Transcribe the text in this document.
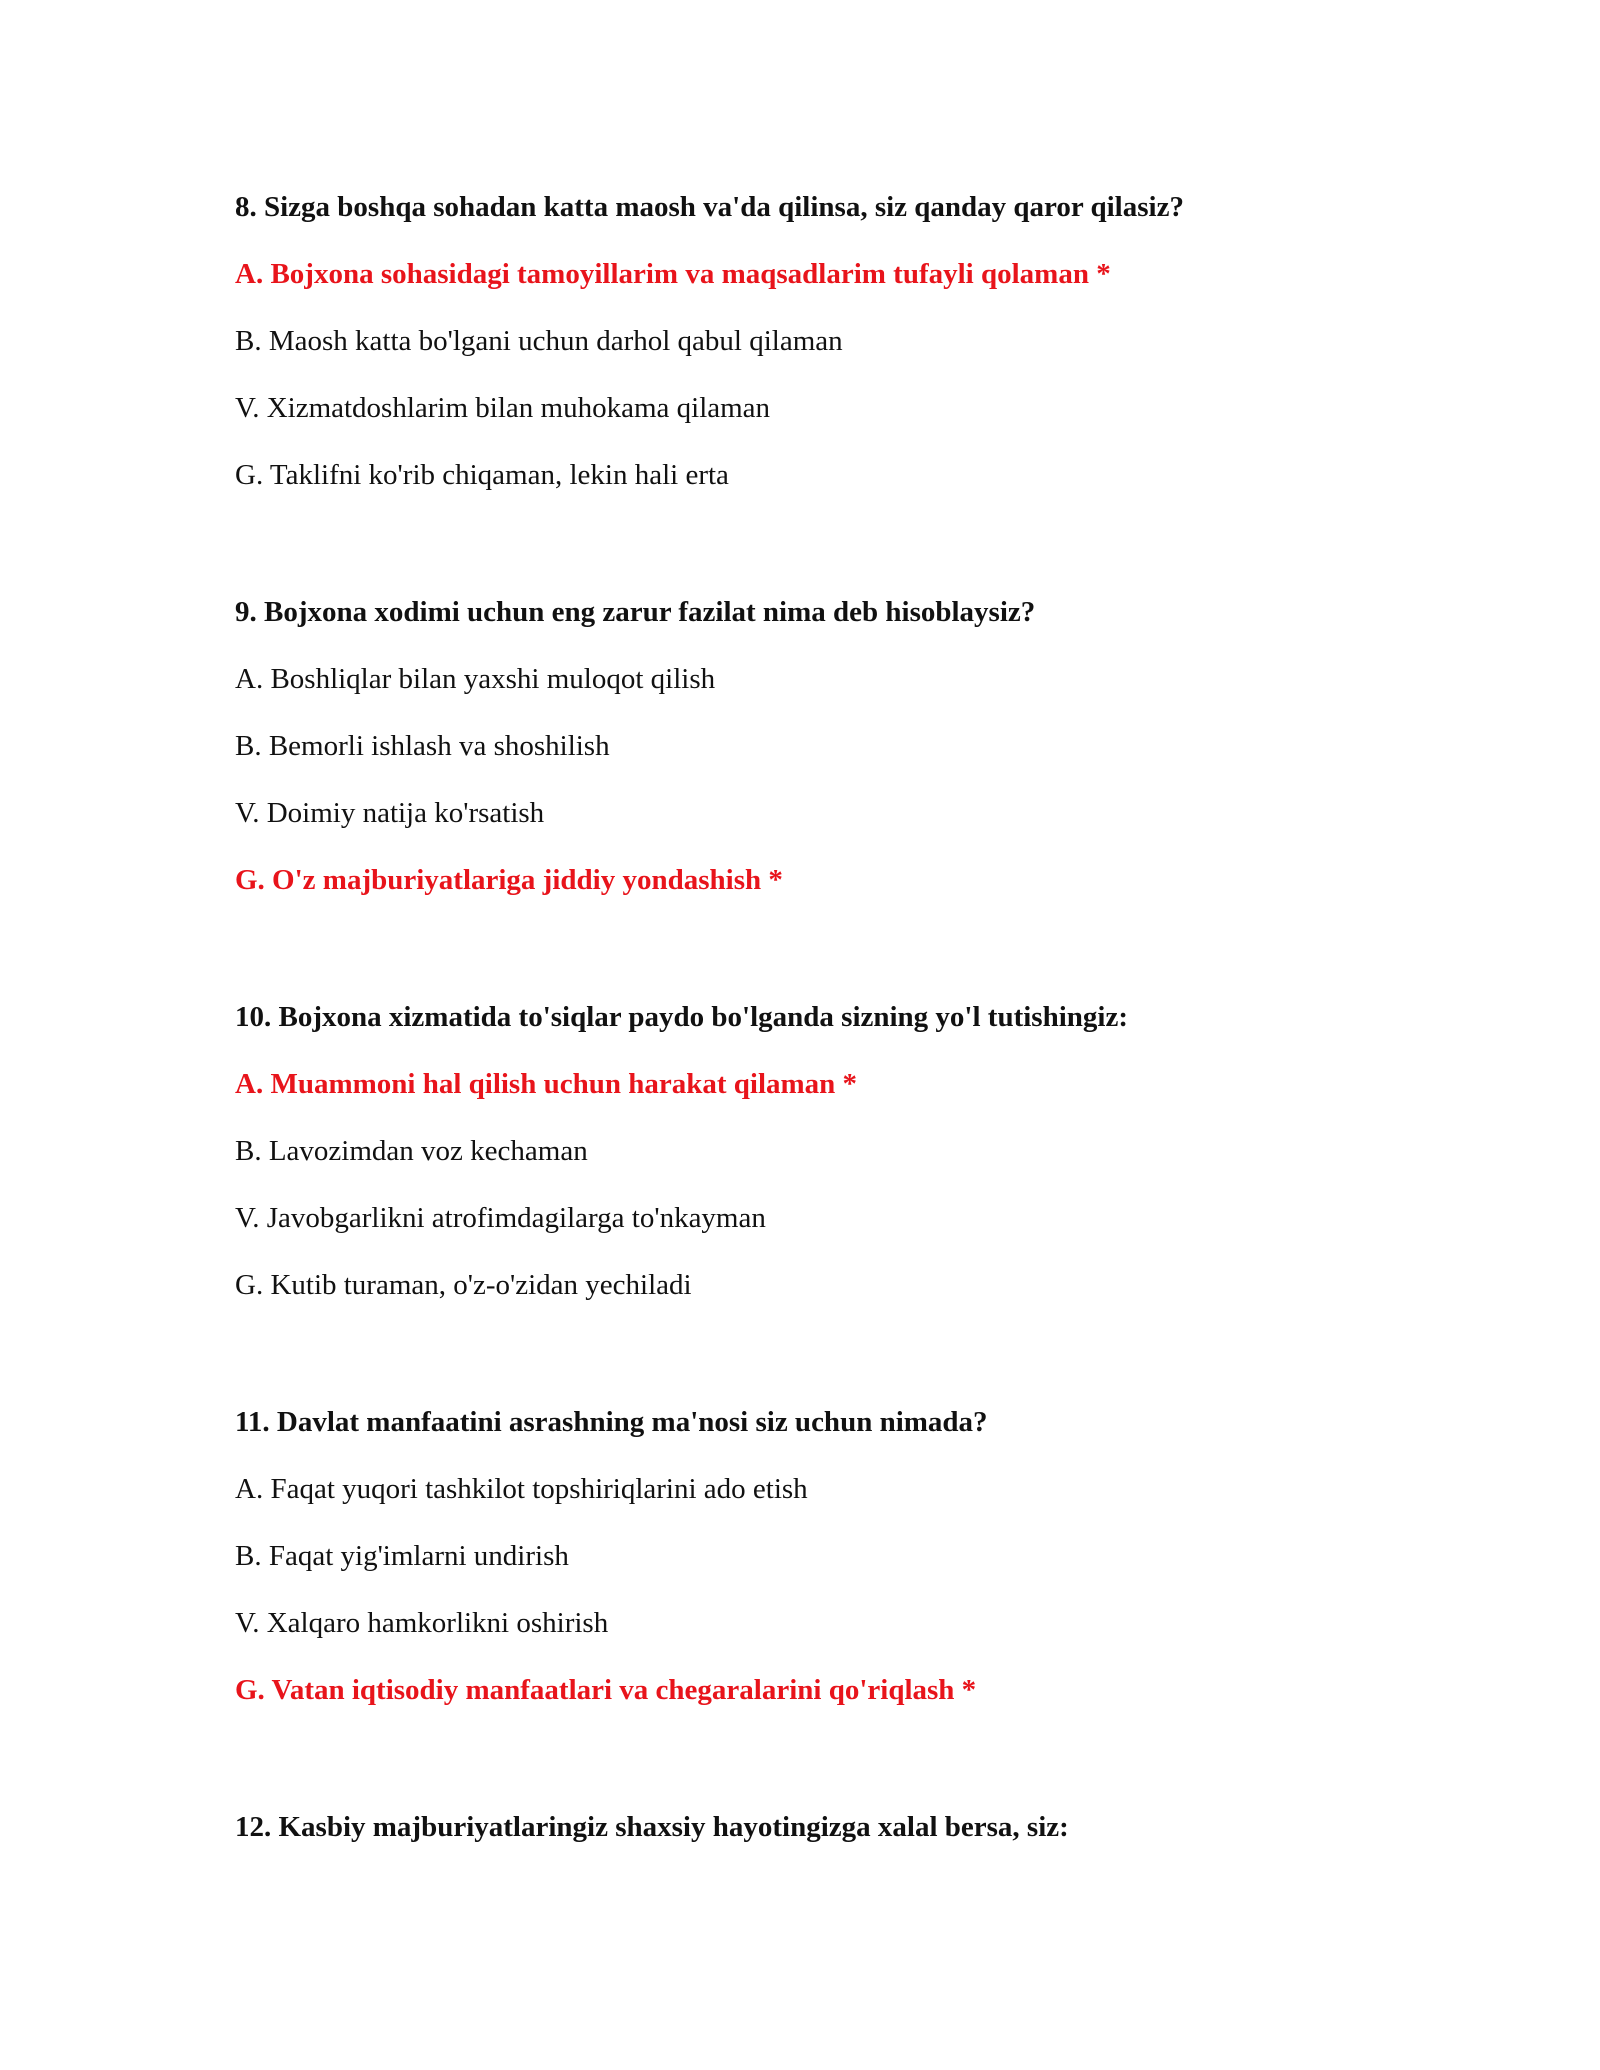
8. Sizga boshqa sohadan katta maosh va'da qilinsa, siz qanday qaror qilasiz?

A. Bojxona sohasidagi tamoyillarim va maqsadlarim tufayli qolaman *

B. Maosh katta bo'lgani uchun darhol qabul qilaman

V. Xizmatdoshlarim bilan muhokama qilaman

G. Taklifni ko'rib chiqaman, lekin hali erta

9. Bojxona xodimi uchun eng zarur fazilat nima deb hisoblaysiz?

A. Boshliqlar bilan yaxshi muloqot qilish

B. Bemorli ishlash va shoshilish

V. Doimiy natija ko'rsatish

G. O'z majburiyatlariga jiddiy yondashish *

10. Bojxona xizmatida to'siqlar paydo bo'lganda sizning yo'l tutishingiz:

A. Muammoni hal qilish uchun harakat qilaman *

B. Lavozimdan voz kechaman

V. Javobgarlikni atrofimdagilarga to'nkayman

G. Kutib turaman, o'z-o'zidan yechiladi

11. Davlat manfaatini asrashning ma'nosi siz uchun nimada?

A. Faqat yuqori tashkilot topshiriqlarini ado etish

B. Faqat yig'imlarni undirish

V. Xalqaro hamkorlikni oshirish

G. Vatan iqtisodiy manfaatlari va chegaralarini qo'riqlash *

12. Kasbiy majburiyatlaringiz shaxsiy hayotingizga xalal bersa, siz:
